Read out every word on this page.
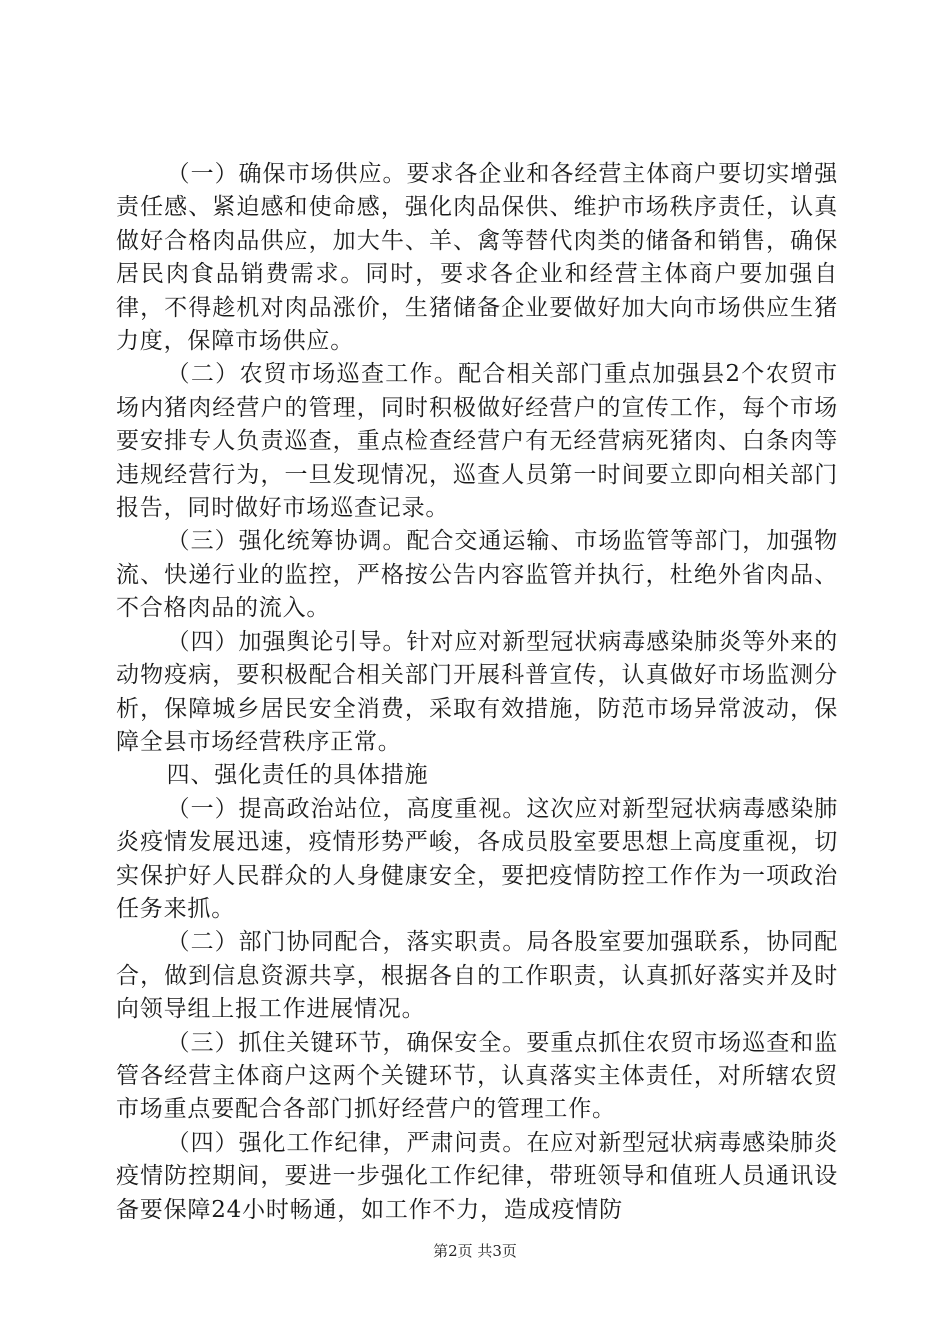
（一）确保市场供应。要求各企业和各经营主体商户要切实增强责任感、紧迫感和使命感，强化肉品保供、维护市场秩序责任，认真做好合格肉品供应，加大牛、羊、禽等替代肉类的储备和销售，确保居民肉食品销费需求。同时，要求各企业和经营主体商户要加强自律，不得趁机对肉品涨价，生猪储备企业要做好加大向市场供应生猪力度，保障市场供应。

（二）农贸市场巡查工作。配合相关部门重点加强县2个农贸市场内猪肉经营户的管理，同时积极做好经营户的宣传工作，每个市场要安排专人负责巡查，重点检查经营户有无经营病死猪肉、白条肉等违规经营行为，一旦发现情况，巡查人员第一时间要立即向相关部门报告，同时做好市场巡查记录。

（三）强化统筹协调。配合交通运输、市场监管等部门，加强物流、快递行业的监控，严格按公告内容监管并执行，杜绝外省肉品、不合格肉品的流入。

（四）加强舆论引导。针对应对新型冠状病毒感染肺炎等外来的动物疫病，要积极配合相关部门开展科普宣传，认真做好市场监测分析，保障城乡居民安全消费，采取有效措施，防范市场异常波动，保障全县市场经营秩序正常。

四、强化责任的具体措施

（一）提高政治站位，高度重视。这次应对新型冠状病毒感染肺炎疫情发展迅速，疫情形势严峻，各成员股室要思想上高度重视，切实保护好人民群众的人身健康安全，要把疫情防控工作作为一项政治任务来抓。

（二）部门协同配合，落实职责。局各股室要加强联系，协同配合，做到信息资源共享，根据各自的工作职责，认真抓好落实并及时向领导组上报工作进展情况。

（三）抓住关键环节，确保安全。要重点抓住农贸市场巡查和监管各经营主体商户这两个关键环节，认真落实主体责任，对所辖农贸市场重点要配合各部门抓好经营户的管理工作。

（四）强化工作纪律，严肃问责。在应对新型冠状病毒感染肺炎疫情防控期间，要进一步强化工作纪律，带班领导和值班人员通讯设备要保障24小时畅通，如工作不力，造成疫情防

第2页 共3页
